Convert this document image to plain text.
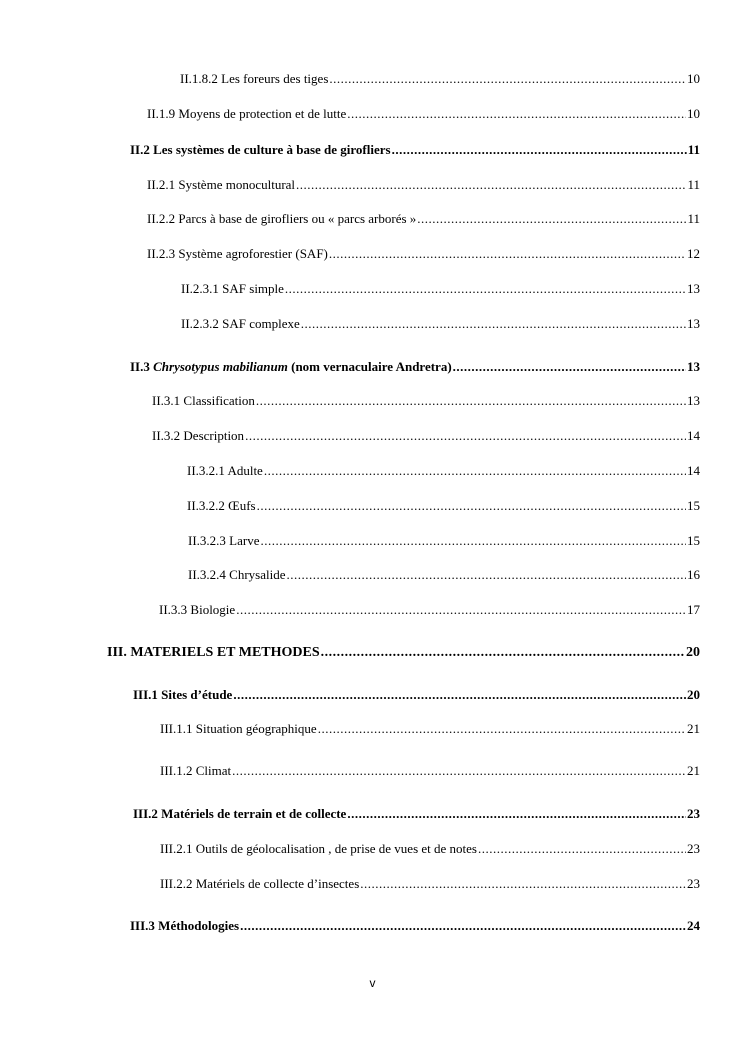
II.1.8.2 Les foreurs des tiges .....	10
II.1.9 Moyens de protection et de lutte .....	10
II.2 Les systèmes de culture à base de girofliers .....	11
II.2.1 Système monocultural .....	11
II.2.2 Parcs à base de girofliers ou « parcs arborés » .....	11
II.2.3 Système agroforestier (SAF) .....	12
II.2.3.1 SAF simple .....	13
II.2.3.2 SAF complexe .....	13
II.3 Chrysotypus mabilianum (nom vernaculaire Andretra) .....	13
II.3.1 Classification .....	13
II.3.2 Description .....	14
II.3.2.1 Adulte .....	14
II.3.2.2 Œufs .....	15
II.3.2.3 Larve .....	15
II.3.2.4 Chrysalide .....	16
II.3.3 Biologie .....	17
III. MATERIELS ET METHODES .....	20
III.1 Sites d’étude .....	20
III.1.1 Situation géographique .....	21
III.1.2 Climat .....	21
III.2 Matériels de terrain et de collecte .....	23
III.2.1 Outils de géolocalisation , de prise de vues et de notes .....	23
III.2.2 Matériels de collecte d’insectes .....	23
III.3 Méthodologies .....	24
v
